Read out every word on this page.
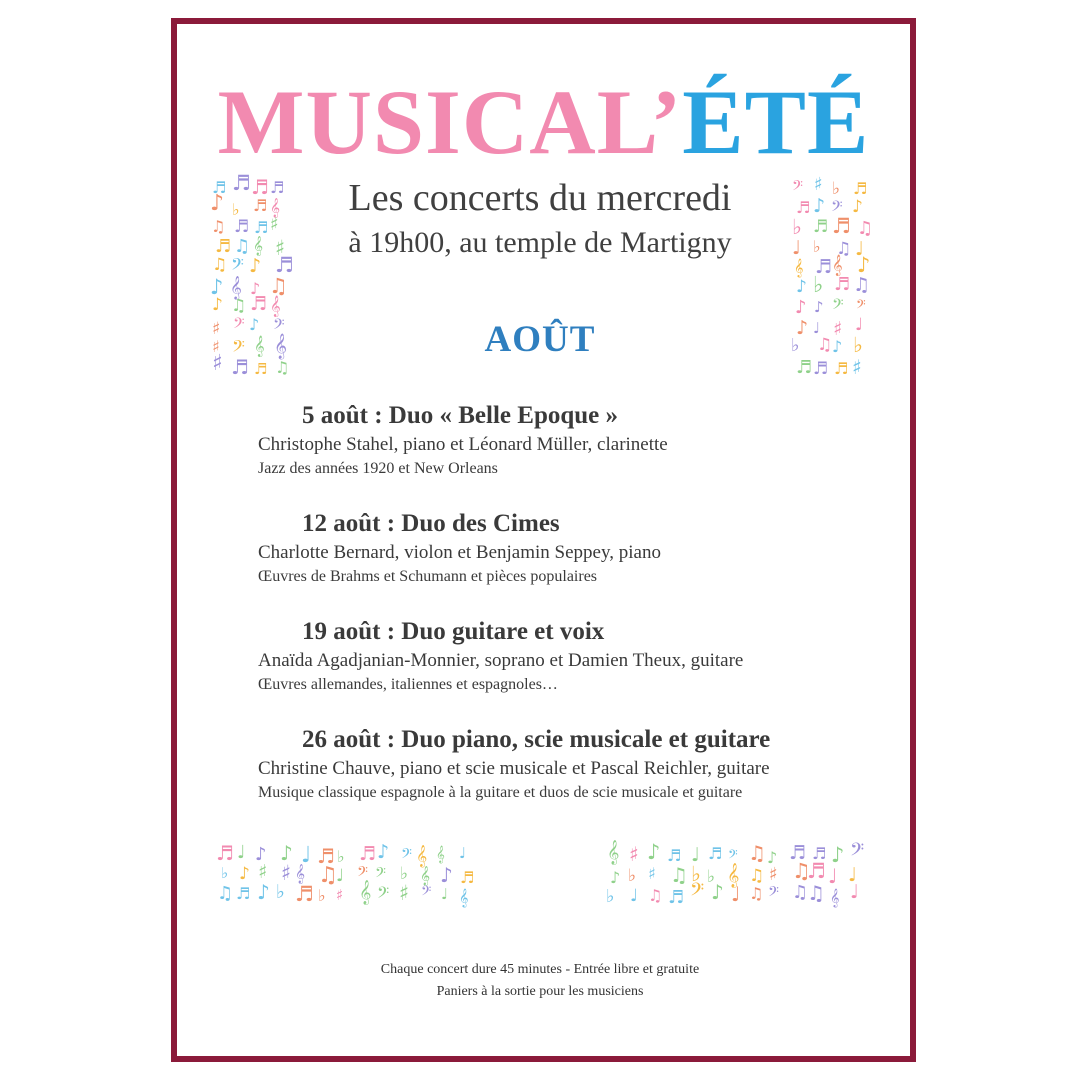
MUSICAL’ÉTÉ
Les concerts du mercredi
à 19h00, au temple de Martigny
AOÛT
♬ ♬ ♬ ♬
♪ ♭ ♬ 𝄞
♫ ♬ ♬ ♯
♬ ♫ 𝄞 ♯
♫ 𝄢 ♪ ♬
♪ 𝄞 ♪ ♫
♪ ♫ ♬ 𝄞
♯ 𝄢 ♪ 𝄢
♯ 𝄢 𝄞 𝄞
♯ ♬ ♬ ♫
𝄢 ♯ ♭ ♬
♬ ♪ 𝄢 ♪
♭ ♬ ♬ ♫
♩ ♭ ♫ ♩
𝄞 ♬ 𝄞 ♪
♪ ♭ ♬ ♫
♪ ♪ 𝄢 𝄢
♪ ♩ ♯ ♩
♭ ♫ ♪ ♭
♬ ♬ ♬ ♯
♬ ♩ ♪ ♪ ♩ ♬ ♭ ♬ ♪ 𝄢 𝄞 𝄞 ♩
♭ ♪ ♯ ♯ 𝄞 ♫
♩ 𝄢 𝄢 ♭ 𝄞 ♪ ♬
♫ ♬ ♪ ♭ ♬ ♭ ♯ 𝄞 𝄢 ♯ 𝄢 ♩ 𝄞
𝄞 ♯ ♪ ♬ ♩ ♬ 𝄢 ♫ ♪ ♬ ♬ ♪ 𝄢
♪ ♭ ♯ ♫ ♭ ♭ 𝄞 ♫ ♯ ♫
♬ ♩ ♩
♭ ♩ ♫ ♬ 𝄢 ♪ ♩ ♫ 𝄢 ♫
♫ 𝄞 ♩
5 août : Duo « Belle Epoque »
Christophe Stahel, piano et Léonard Müller, clarinette
Jazz des années 1920 et New Orleans
12 août : Duo des Cimes
Charlotte Bernard, violon et Benjamin Seppey, piano
Œuvres de Brahms et Schumann et pièces populaires
19 août : Duo guitare et voix
Anaïda Agadjanian-Monnier, soprano et Damien Theux, guitare
Œuvres allemandes, italiennes et espagnoles…
26 août : Duo piano, scie musicale et guitare
Christine Chauve, piano et scie musicale et Pascal Reichler, guitare
Musique classique espagnole à la guitare et duos de scie musicale et guitare
Chaque concert dure 45 minutes - Entrée libre et gratuite
Paniers à la sortie pour les musiciens
